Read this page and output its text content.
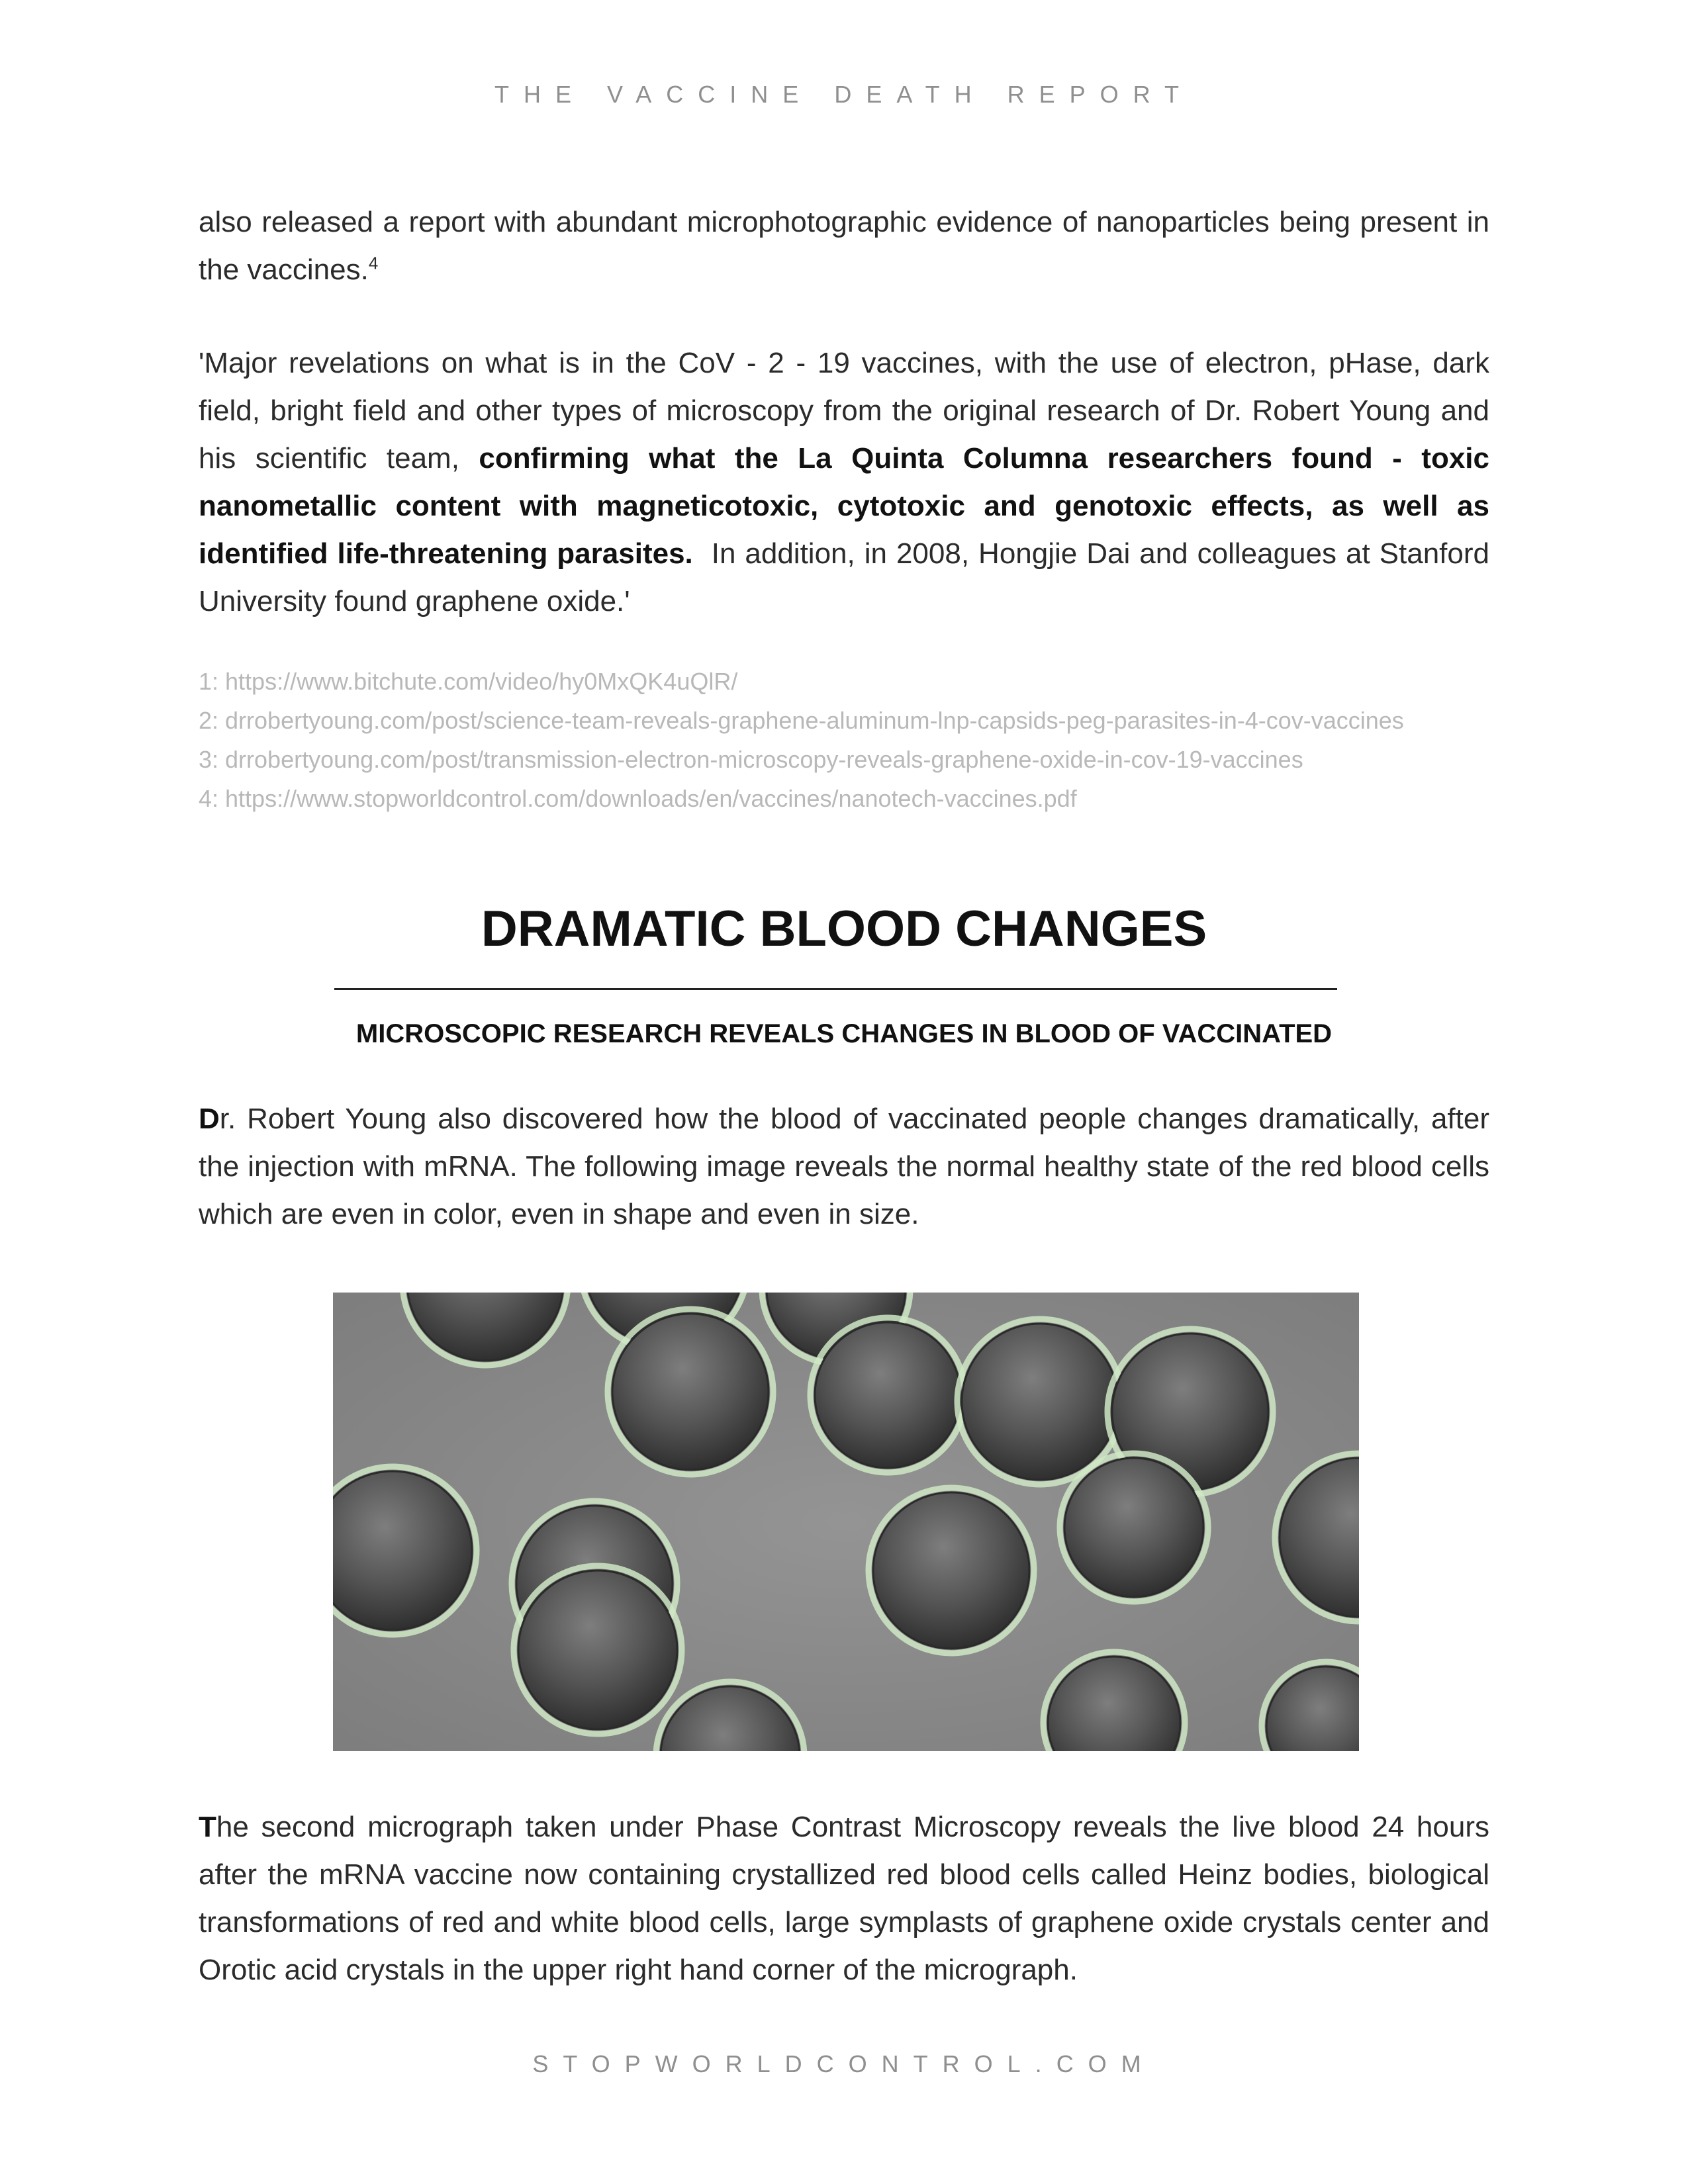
THE VACCINE DEATH REPORT

also released a report with abundant microphotographic evidence of nanoparticles being present in the vaccines.$^4$

'Major revelations on what is in the CoV - 2 - 19 vaccines, with the use of electron, pHase, dark field, bright field and other types of microscopy from the original research of Dr. Robert Young and his scientific team, confirming what the La Quinta Columna researchers found - toxic nanometallic content with magneticotoxic, cytotoxic and genotoxic effects, as well as identified life-threatening parasites.  In addition, in 2008, Hongjie Dai and colleagues at Stanford University found graphene oxide.'

1: https://www.bitchute.com/video/hy0MxQK4uQlR/
2: drrobertyoung.com/post/science-team-reveals-graphene-aluminum-lnp-capsids-peg-parasites-in-4-cov-vaccines
3: drrobertyoung.com/post/transmission-electron-microscopy-reveals-graphene-oxide-in-cov-19-vaccines
4: https://www.stopworldcontrol.com/downloads/en/vaccines/nanotech-vaccines.pdf
DRAMATIC BLOOD CHANGES
MICROSCOPIC RESEARCH REVEALS CHANGES IN BLOOD OF VACCINATED

Dr. Robert Young also discovered how the blood of vaccinated people changes dramatically, after the injection with mRNA. The following image reveals the normal healthy state of the red blood cells which are even in color, even in shape and even in size.

The second micrograph taken under Phase Contrast Microscopy reveals the live blood 24 hours after the mRNA vaccine now containing crystallized red blood cells called Heinz bodies, biological transformations of red and white blood cells, large symplasts of graphene oxide crystals center and Orotic acid crystals in the upper right hand corner of the micrograph.

STOPWORLDCONTROL.COM
